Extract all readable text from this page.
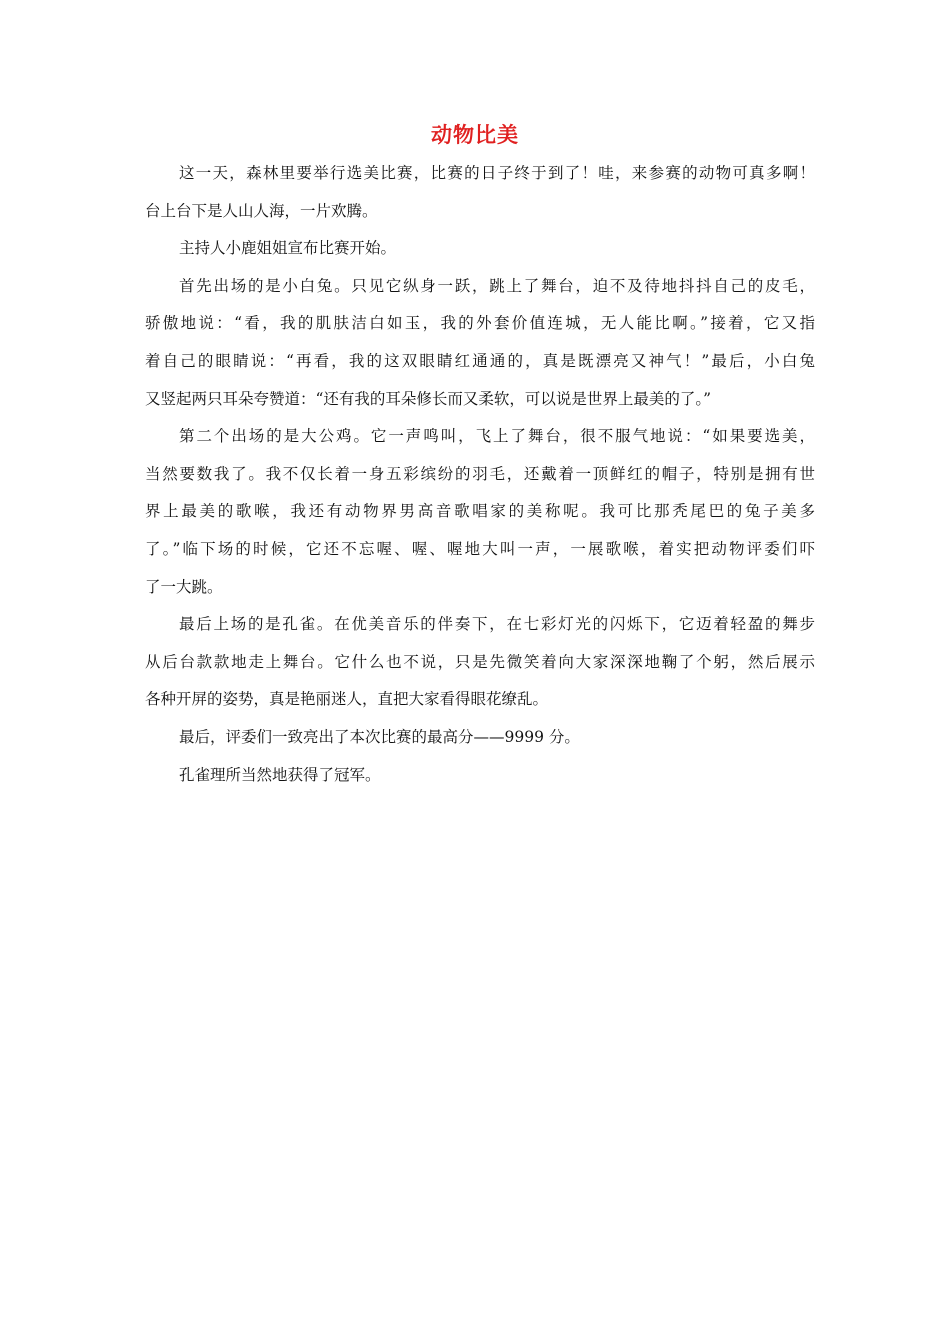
动物比美
这一天，森林里要举行选美比赛，比赛的日子终于到了！哇，来参赛的动物可真多啊！
台上台下是人山人海，一片欢腾。
主持人小鹿姐姐宣布比赛开始。
首先出场的是小白兔。只见它纵身一跃，跳上了舞台，迫不及待地抖抖自己的皮毛，
骄傲地说：“看，我的肌肤洁白如玉，我的外套价值连城，无人能比啊。”接着，它又指
着自己的眼睛说：“再看，我的这双眼睛红通通的，真是既漂亮又神气！”最后，小白兔
又竖起两只耳朵夸赞道：“还有我的耳朵修长而又柔软，可以说是世界上最美的了。”
第二个出场的是大公鸡。它一声鸣叫，飞上了舞台，很不服气地说：“如果要选美，
当然要数我了。我不仅长着一身五彩缤纷的羽毛，还戴着一顶鲜红的帽子，特别是拥有世
界上最美的歌喉，我还有动物界男高音歌唱家的美称呢。我可比那秃尾巴的兔子美多
了。”临下场的时候，它还不忘喔、喔、喔地大叫一声，一展歌喉，着实把动物评委们吓
了一大跳。
最后上场的是孔雀。在优美音乐的伴奏下，在七彩灯光的闪烁下，它迈着轻盈的舞步
从后台款款地走上舞台。它什么也不说，只是先微笑着向大家深深地鞠了个躬，然后展示
各种开屏的姿势，真是艳丽迷人，直把大家看得眼花缭乱。
最后，评委们一致亮出了本次比赛的最高分——9999 分。
孔雀理所当然地获得了冠军。
